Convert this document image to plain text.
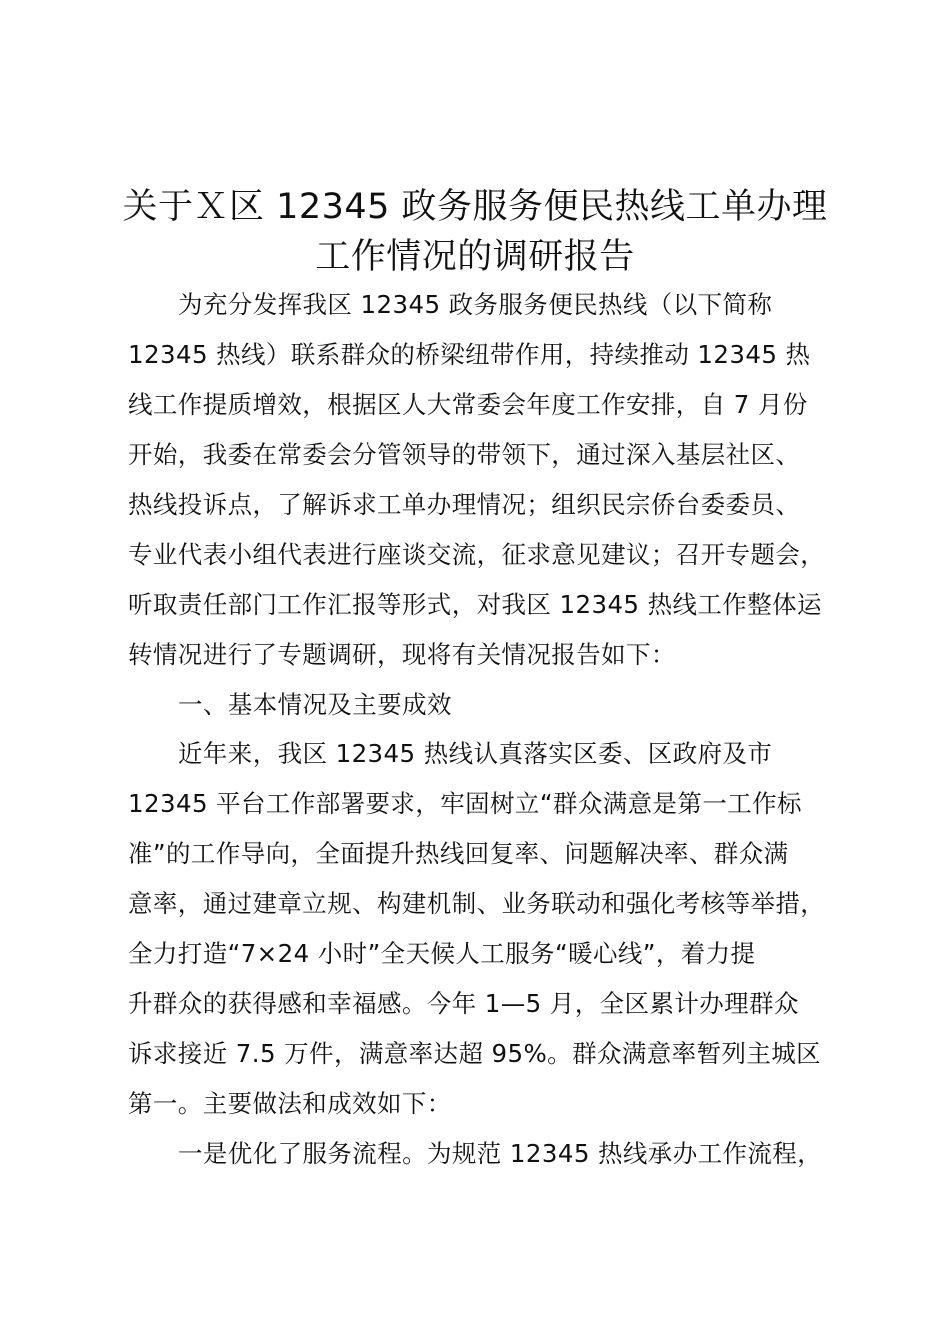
关于Ｘ区 12345 政务服务便民热线工单办理
工作情况的调研报告
为充分发挥我区 12345 政务服务便民热线（以下简称
12345 热线）联系群众的桥梁纽带作用，持续推动 12345 热
线工作提质增效，根据区人大常委会年度工作安排，自 7 月份
开始，我委在常委会分管领导的带领下，通过深入基层社区、
热线投诉点，了解诉求工单办理情况；组织民宗侨台委委员、
专业代表小组代表进行座谈交流，征求意见建议；召开专题会，
听取责任部门工作汇报等形式，对我区 12345 热线工作整体运
转情况进行了专题调研，现将有关情况报告如下：
一、基本情况及主要成效
近年来，我区 12345 热线认真落实区委、区政府及市
12345 平台工作部署要求，牢固树立“群众满意是第一工作标
准”的工作导向，全面提升热线回复率、问题解决率、群众满
意率，通过建章立规、构建机制、业务联动和强化考核等举措，
全力打造“7×24 小时”全天候人工服务“暖心线”，着力提
升群众的获得感和幸福感。今年 1—5 月，全区累计办理群众
诉求接近 7.5 万件，满意率达超 95%。群众满意率暂列主城区
第一。主要做法和成效如下：
一是优化了服务流程。为规范 12345 热线承办工作流程，
